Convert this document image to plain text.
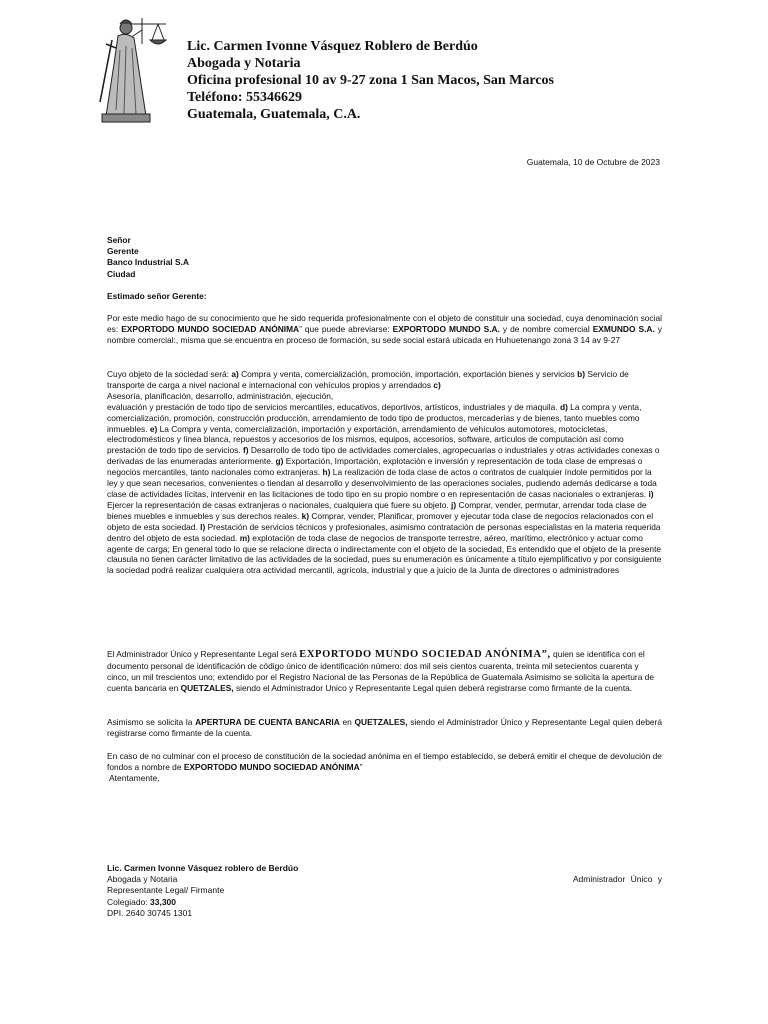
Lic. Carmen Ivonne Vásquez Roblero de Berdúo
Abogada y Notaria
Oficina profesional 10 av 9-27 zona 1 San Macos, San Marcos
Teléfono: 55346629
Guatemala, Guatemala, C.A.
Guatemala, 10 de Octubre de 2023
Señor
Gerente
Banco Industrial S.A
Ciudad
Estimado señor Gerente:
Por este medio hago de su conocimiento que he sido requerida profesionalmente con el objeto de constituir una sociedad, cuya denominación social es: EXPORTODO MUNDO SOCIEDAD ANÓNIMA” que puede abreviarse: EXPORTODO MUNDO S.A. y de nombre comercial EXMUNDO S.A. y nombre comercial:, misma que se encuentra en proceso de formación, su sede social estará ubicada en Huhuetenango zona 3 14 av 9-27
Cuyo objeto de la sociedad será: a) Compra y venta, comercialización, promoción, importación, exportación bienes y servicios b) Servicio de transporte de carga a nivel nacional e internacional con vehículos propios y arrendados c)
Asesoría, planificación, desarrollo, administración, ejecución,
evaluación y prestación de todo tipo de servicios mercantiles, educativos, deportivos, artísticos, industriales y de maquila. d) La compra y venta, comercialización, promoción, construcción producción, arrendamiento de todo tipo de productos, mercaderías y de bienes, tanto muebles como inmuebles. e) La Compra y venta, comercialización, importación y exportación, arrendamiento de vehículos automotores, motocicletas, electrodomésticos y línea blanca, repuestos y accesorios de los mismos, equipos, accesorios, software, artículos de computación así como prestación de todo tipo de servicios. f) Desarrollo de todo tipo de actividades comerciales, agropecuarias o industriales y otras actividades conexas o derivadas de las enumeradas anteriormente. g) Exportación, Importación, explotación e inversión y representación de toda clase de empresas o negocios mercantiles, tanto nacionales como extranjeras. h) La realización de toda clase de actos o contratos de cualquier índole permitidos por la ley y que sean necesarios, convenientes o tiendan al desarrollo y desenvolvimiento de las operaciones sociales, pudiendo además dedicarse a toda clase de actividades lícitas, intervenir en las licitaciones de todo tipo en su propio nombre o en representación de casas nacionales o extranjeras. i) Ejercer la representación de casas extranjeras o nacionales, cualquiera que fuere su objeto. j) Comprar, vender, permutar, arrendar toda clase de bienes muebles e inmuebles y sus derechos reales. k) Comprar, vender, Planificar, promover y ejecutar toda clase de negocios relacionados con el objeto de esta sociedad. l) Prestación de servicios técnicos y profesionales, asimismo contratación de personas especialistas en la materia requerida dentro del objeto de esta sociedad. m) explotación de toda clase de negocios de transporte terrestre, aéreo, marítimo, electrónico y actuar como agente de carga; En general todo lo que se relacione directa o indirectamente con el objeto de la sociedad, Es entendido que el objeto de la presente clausula no tienen carácter limitativo de las actividades de la sociedad, pues su enumeración es únicamente a título ejemplificativo y por consiguiente la sociedad podrá realizar cualquiera otra actividad mercantil, agrícola, industrial y que a juicio de la Junta de directores o administradores
El Administrador Único y Representante Legal será EXPORTODO MUNDO SOCIEDAD ANÓNIMA”, quien se identifica con el documento personal de identificación de código único de identificación número: dos mil seis cientos cuarenta, treinta mil setecientos cuarenta y cinco, un mil trescientos uno; extendido por el Registro Nacional de las Personas de la República de Guatemala Asimismo se solicita la apertura de cuenta bancaria en QUETZALES, siendo el Administrador Unico y Representante Legal quien deberá registrarse como firmante de la cuenta.
Asimismo se solicita la APERTURA DE CUENTA BANCARIA en QUETZALES, siendo el Administrador Único y Representante Legal quien deberá registrarse como firmante de la cuenta.
En caso de no culminar con el proceso de constitución de la sociedad anónima en el tiempo establecido, se deberá emitir el cheque de devolución de fondos a nombre de EXPORTODO MUNDO SOCIEDAD ANÓNIMA”
Atentamente,
Lic. Carmen Ivonne Vásquez roblero de Berdúo
Abogada y Notaria
Representante Legal/ Firmante
Colegiado: 33,300
DPI. 2640 30745 1301
Administrador Único y
